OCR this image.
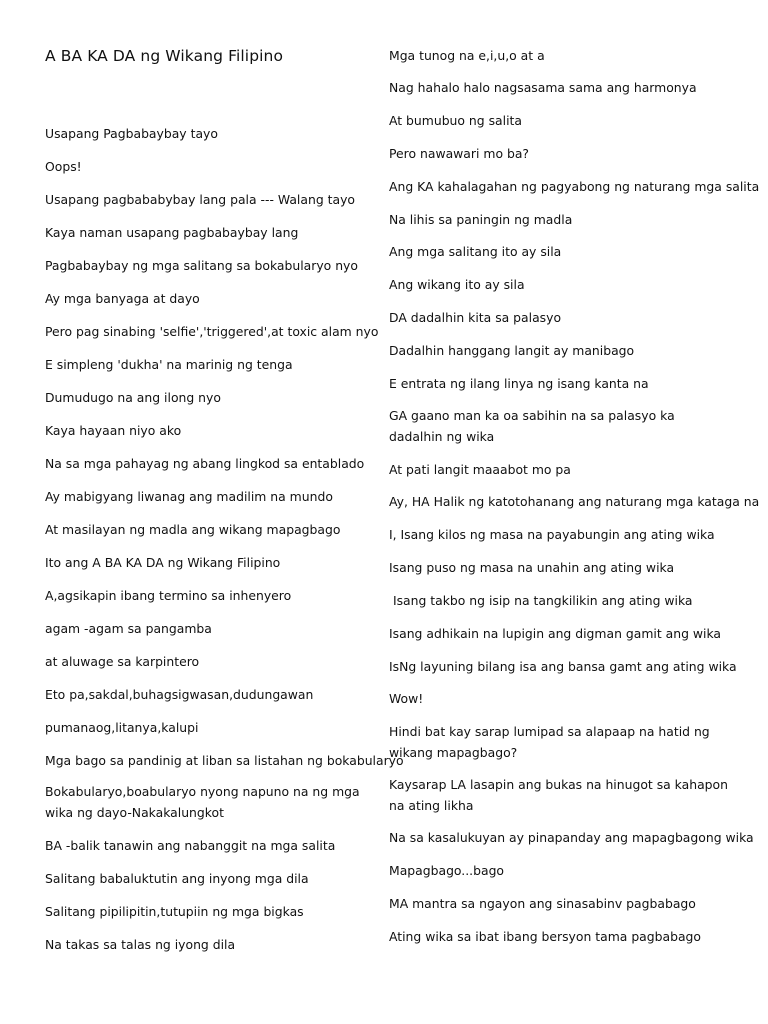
A BA KA DA ng Wikang Filipino
Usapang Pagbabaybay tayo
Oops!
Usapang pagbababybay lang pala --- Walang tayo
Kaya naman usapang pagbabaybay lang
Pagbabaybay ng mga salitang sa bokabularyo nyo
Ay mga banyaga at dayo
Pero pag sinabing 'selfie','triggered',at toxic alam nyo
E simpleng 'dukha' na marinig ng tenga
Dumudugo na ang ilong nyo
Kaya hayaan niyo ako
Na sa mga pahayag ng abang lingkod sa entablado
Ay mabigyang liwanag ang madilim na mundo
At masilayan ng madla ang wikang mapagbago
Ito ang A BA KA DA ng Wikang Filipino
A,agsikapin ibang termino sa inhenyero
agam -agam sa pangamba
at aluwage sa karpintero
Eto pa,sakdal,buhagsigwasan,dudungawan
pumanaog,litanya,kalupi
Mga bago sa pandinig at liban sa listahan ng bokabularyo
Bokabularyo,boabularyo nyong napuno na ng mga wika ng dayo-Nakakalungkot
BA -balik tanawin ang nabanggit na mga salita
Salitang babaluktutin ang inyong mga dila
Salitang pipilipitin,tutupiin ng mga bigkas
Na takas sa talas ng iyong dila
Mga tunog na e,i,u,o at a
Nag hahalo halo nagsasama sama ang harmonya
At bumubuo ng salita
Pero nawawari mo ba?
Ang KA kahalagahan ng pagyabong ng naturang mga salita
Na lihis sa paningin ng madla
Ang mga salitang ito ay sila
Ang wikang ito ay sila
DA dadalhin kita sa palasyo
Dadalhin hanggang langit ay manibago
E entrata ng ilang linya ng isang kanta na
GA gaano man ka oa sabihin na sa palasyo ka dadalhin ng wika
At pati langit maaabot mo pa
Ay, HA Halik ng katotohanang ang naturang mga kataga na
I, Isang kilos ng masa na payabungin ang ating wika
Isang puso ng masa na unahin ang ating wika
Isang takbo ng isip na tangkilikin ang ating wika
Isang adhikain na lupigin ang digman gamit ang wika
IsNg layuning bilang isa ang bansa gamt ang ating wika
Wow!
Hindi bat kay sarap lumipad sa alapaap na hatid ng wikang mapagbago?
Kaysarap LA lasapin ang bukas na hinugot sa kahapon na ating likha
Na sa kasalukuyan ay pinapanday ang mapagbagong wika
Mapagbago...bago
MA mantra sa ngayon ang sinasabinv pagbabago
Ating wika sa ibat ibang bersyon tama pagbabago
